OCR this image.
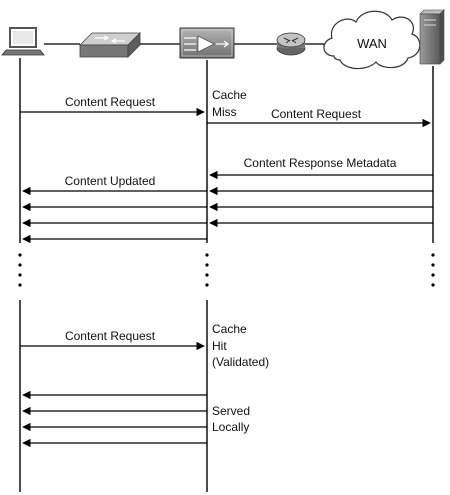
WAN
Content Request	Cache
Miss	Content Request
Content Response Metadata
Content Updated
Content Request	Cache
Hit
(Validated)
Served
Locally
